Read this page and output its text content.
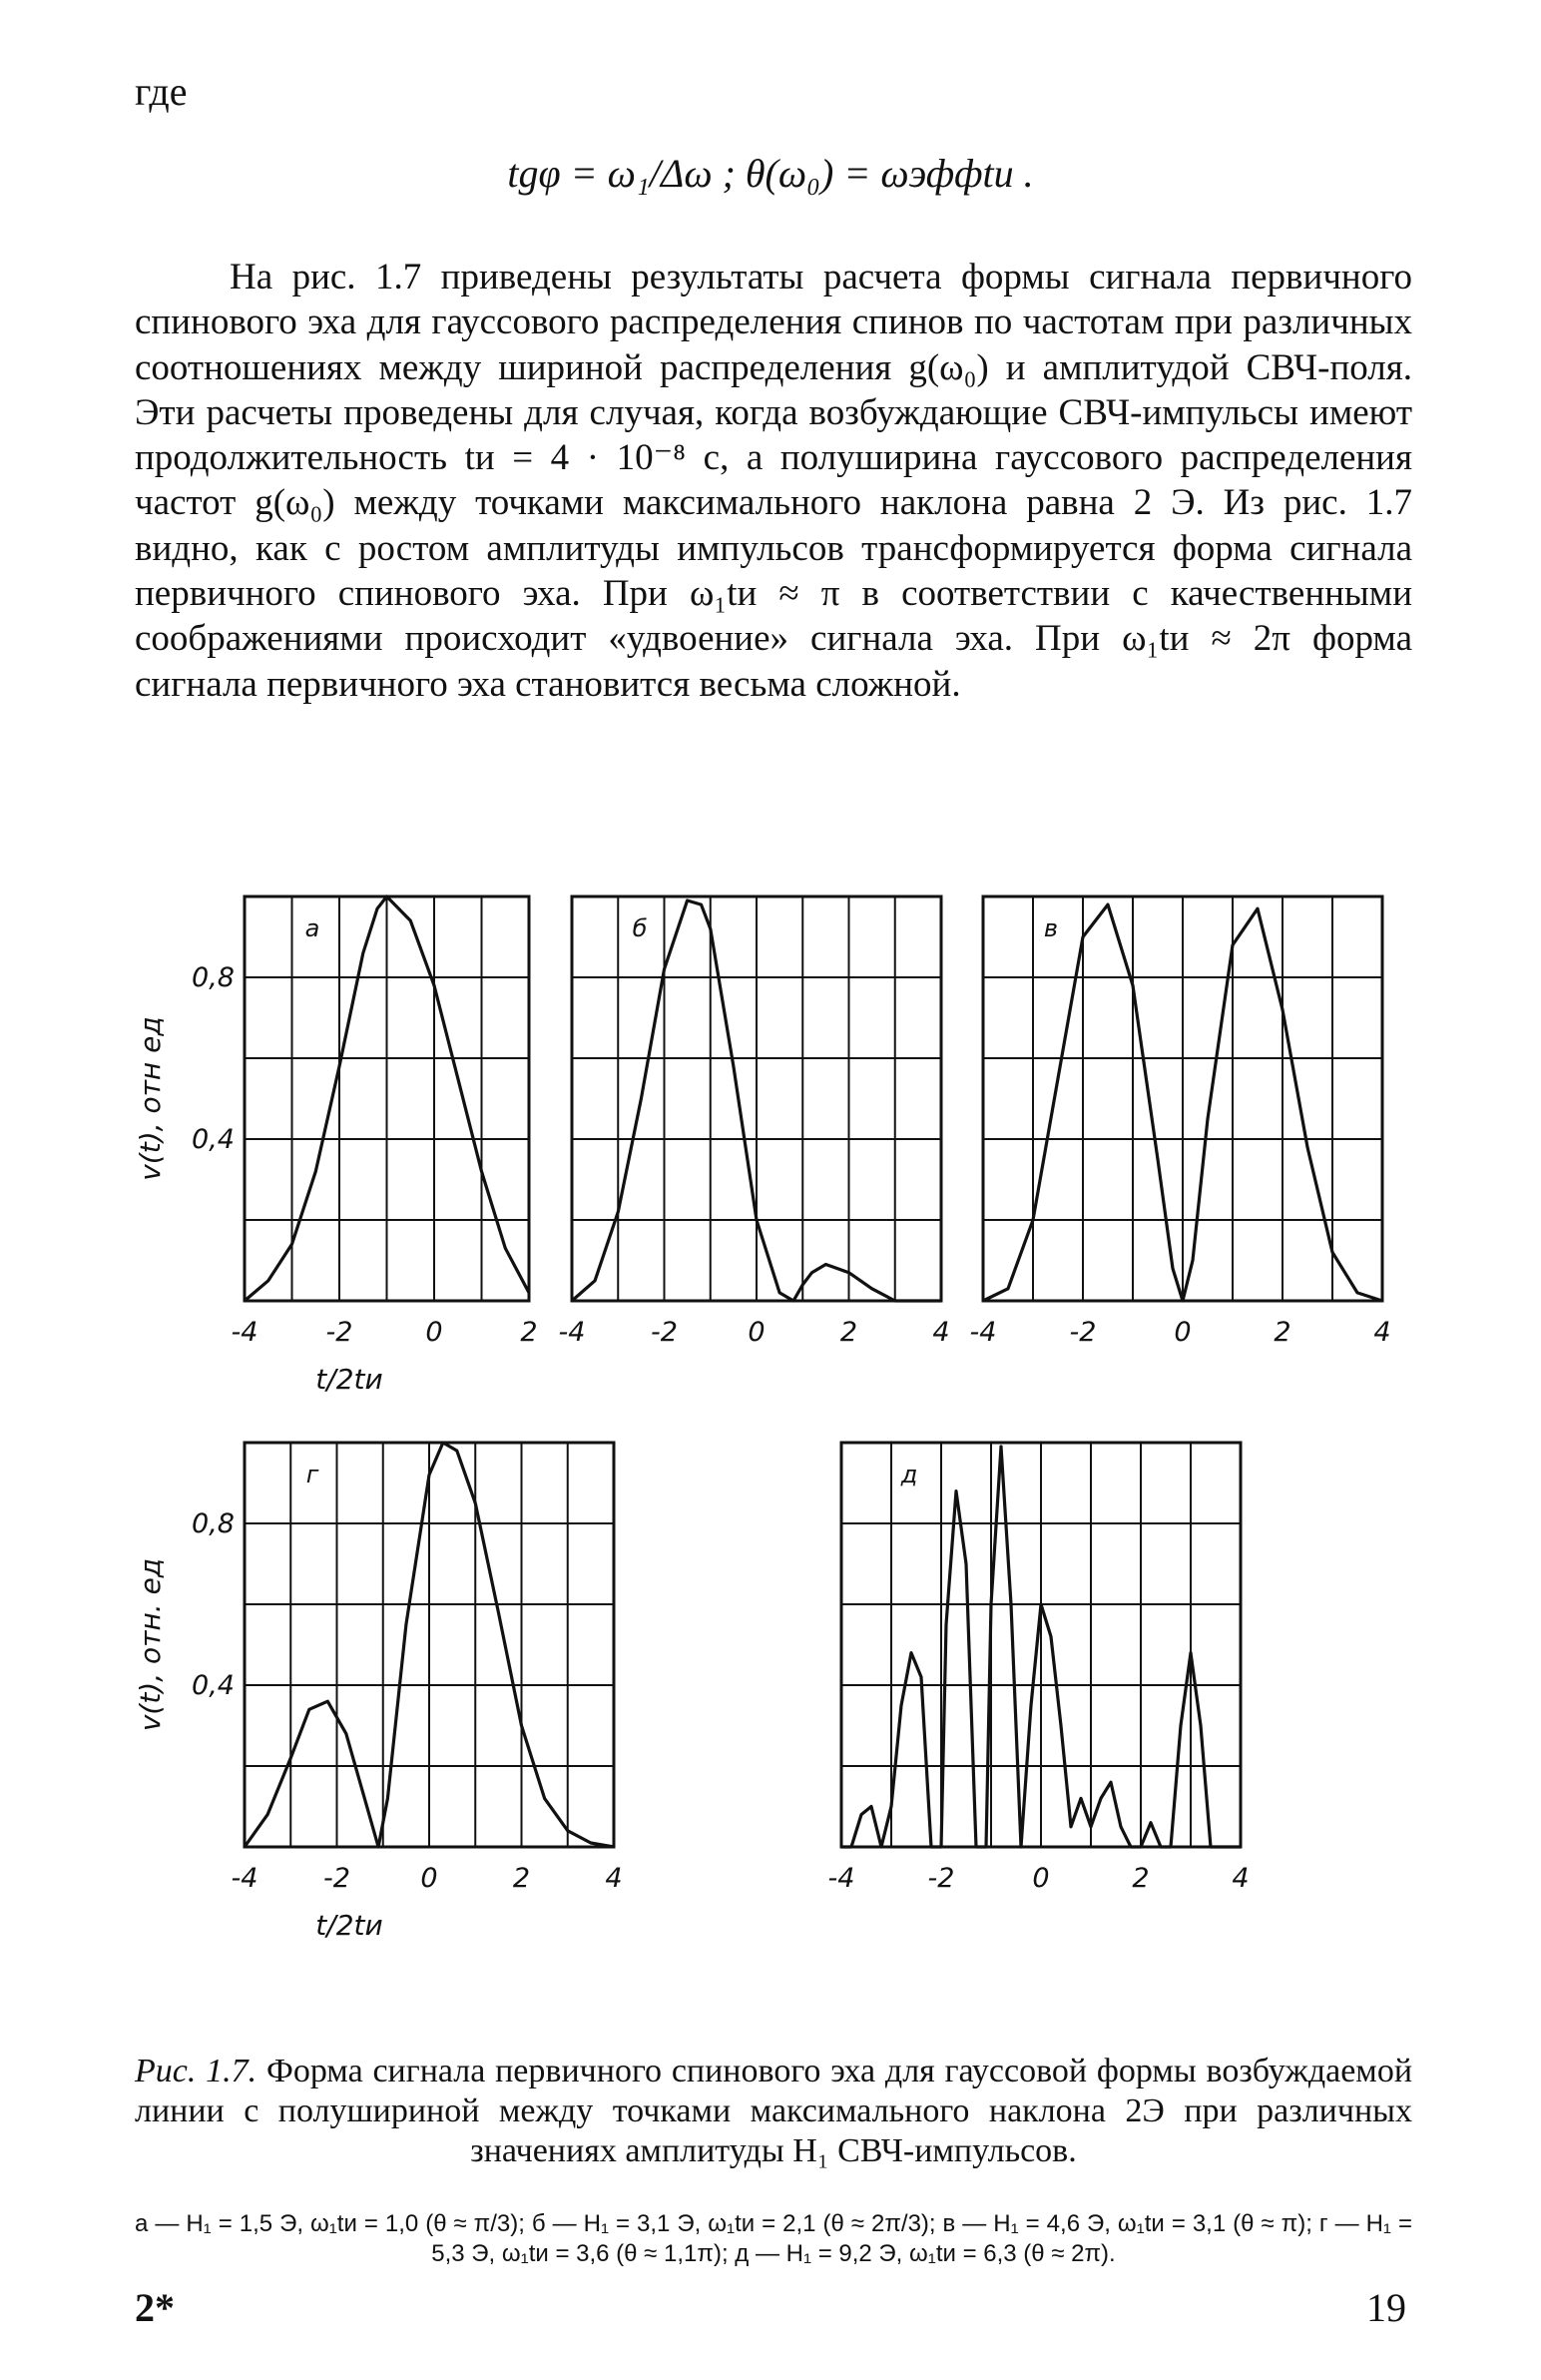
где
tgφ = ω₁/Δω ; θ(ω₀) = ωэффtи .

На рис. 1.7 приведены результаты расчета формы сигнала первичного спинового эха для гауссового распределения спинов по частотам при различных соотношениях между шириной распределения g(ω₀) и амплитудой СВЧ-поля. Эти расчеты проведены для случая, когда возбуждающие СВЧ-импульсы имеют продолжительность tи = 4 · 10⁻⁸ с, а полуширина гауссового распределения частот g(ω₀) между точками максимального наклона равна 2 Э. Из рис. 1.7 видно, как с ростом амплитуды импульсов трансформируется форма сигнала первичного спинового эха. При ω₁tи ≈ π в соответствии с качественными соображениями происходит «удвоение» сигнала эха. При ω₁tи ≈ 2π форма сигнала первичного эха становится весьма сложной.

а
-4	-2	0	2
0,8
0,4
v(t), отн ед
t/2tи
б
-4 -2	0	2	4
в
-4	-2	0	2	4
г
-4 -2	0	2	4
0,8
0,4
v(t), отн. ед
t/2tи
д
-4	-2	0	2	4

Рис. 1.7. Форма сигнала первичного спинового эха для гауссовой формы возбуждаемой линии с полушириной между точками максимального наклона 2Э при различных значениях амплитуды H₁ СВЧ-импульсов.

а — H₁ = 1,5 Э, ω₁tи = 1,0 (θ ≈ π/3); б — H₁ = 3,1 Э, ω₁tи = 2,1 (θ ≈ 2π/3); в — H₁ = 4,6 Э, ω₁tи = 3,1 (θ ≈ π); г — H₁ = 5,3 Э, ω₁tи = 3,6 (θ ≈ 1,1π); д — H₁ = 9,2 Э, ω₁tи = 6,3 (θ ≈ 2π).

2*	19
